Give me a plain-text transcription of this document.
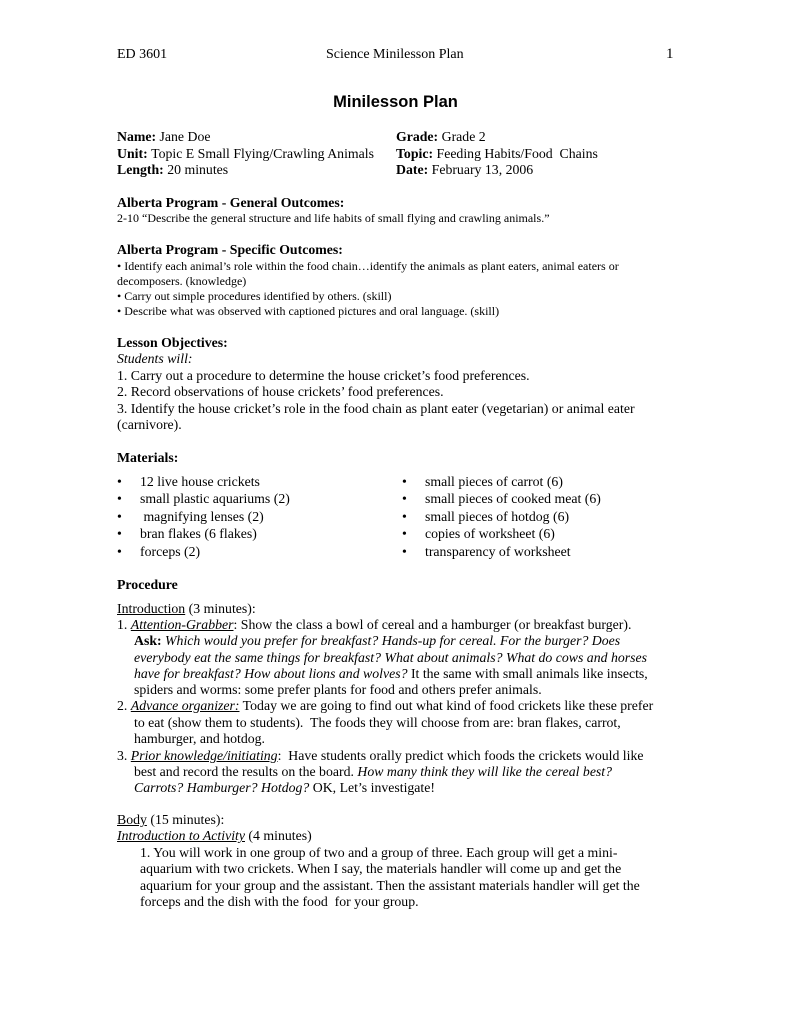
ED 3601	Science Minilesson Plan	1
Minilesson Plan
Name: Jane Doe
Unit: Topic E Small Flying/Crawling Animals
Length: 20 minutes
Grade: Grade 2
Topic: Feeding Habits/Food  Chains
Date: February 13, 2006
Alberta Program - General Outcomes:
2-10 “Describe the general structure and life habits of small flying and crawling animals.”
Alberta Program - Specific Outcomes:
• Identify each animal’s role within the food chain…identify the animals as plant eaters, animal eaters or
decomposers. (knowledge)
• Carry out simple procedures identified by others. (skill)
• Describe what was observed with captioned pictures and oral language. (skill)
Lesson Objectives:
Students will:
1. Carry out a procedure to determine the house cricket’s food preferences.
2. Record observations of house crickets’ food preferences.
3. Identify the house cricket’s role in the food chain as plant eater (vegetarian) or animal eater
(carnivore).
Materials:
• 12 live house crickets
• small plastic aquariums (2)
• magnifying lenses (2)
• bran flakes (6 flakes)
• forceps (2)
• small pieces of carrot (6)
• small pieces of cooked meat (6)
• small pieces of hotdog (6)
• copies of worksheet (6)
• transparency of worksheet
Procedure
Introduction (3 minutes):
1. Attention-Grabber: Show the class a bowl of cereal and a hamburger (or breakfast burger).
Ask: Which would you prefer for breakfast? Hands-up for cereal. For the burger? Does
everybody eat the same things for breakfast? What about animals? What do cows and horses
have for breakfast? How about lions and wolves? It the same with small animals like insects,
spiders and worms: some prefer plants for food and others prefer animals.
2. Advance organizer: Today we are going to find out what kind of food crickets like these prefer
to eat (show them to students).  The foods they will choose from are: bran flakes, carrot,
hamburger, and hotdog.
3. Prior knowledge/initiating:  Have students orally predict which foods the crickets would like
best and record the results on the board. How many think they will like the cereal best?
Carrots? Hamburger? Hotdog? OK, Let’s investigate!
Body (15 minutes):
Introduction to Activity (4 minutes)
1. You will work in one group of two and a group of three. Each group will get a mini-
aquarium with two crickets. When I say, the materials handler will come up and get the
aquarium for your group and the assistant. Then the assistant materials handler will get the
forceps and the dish with the food  for your group.
